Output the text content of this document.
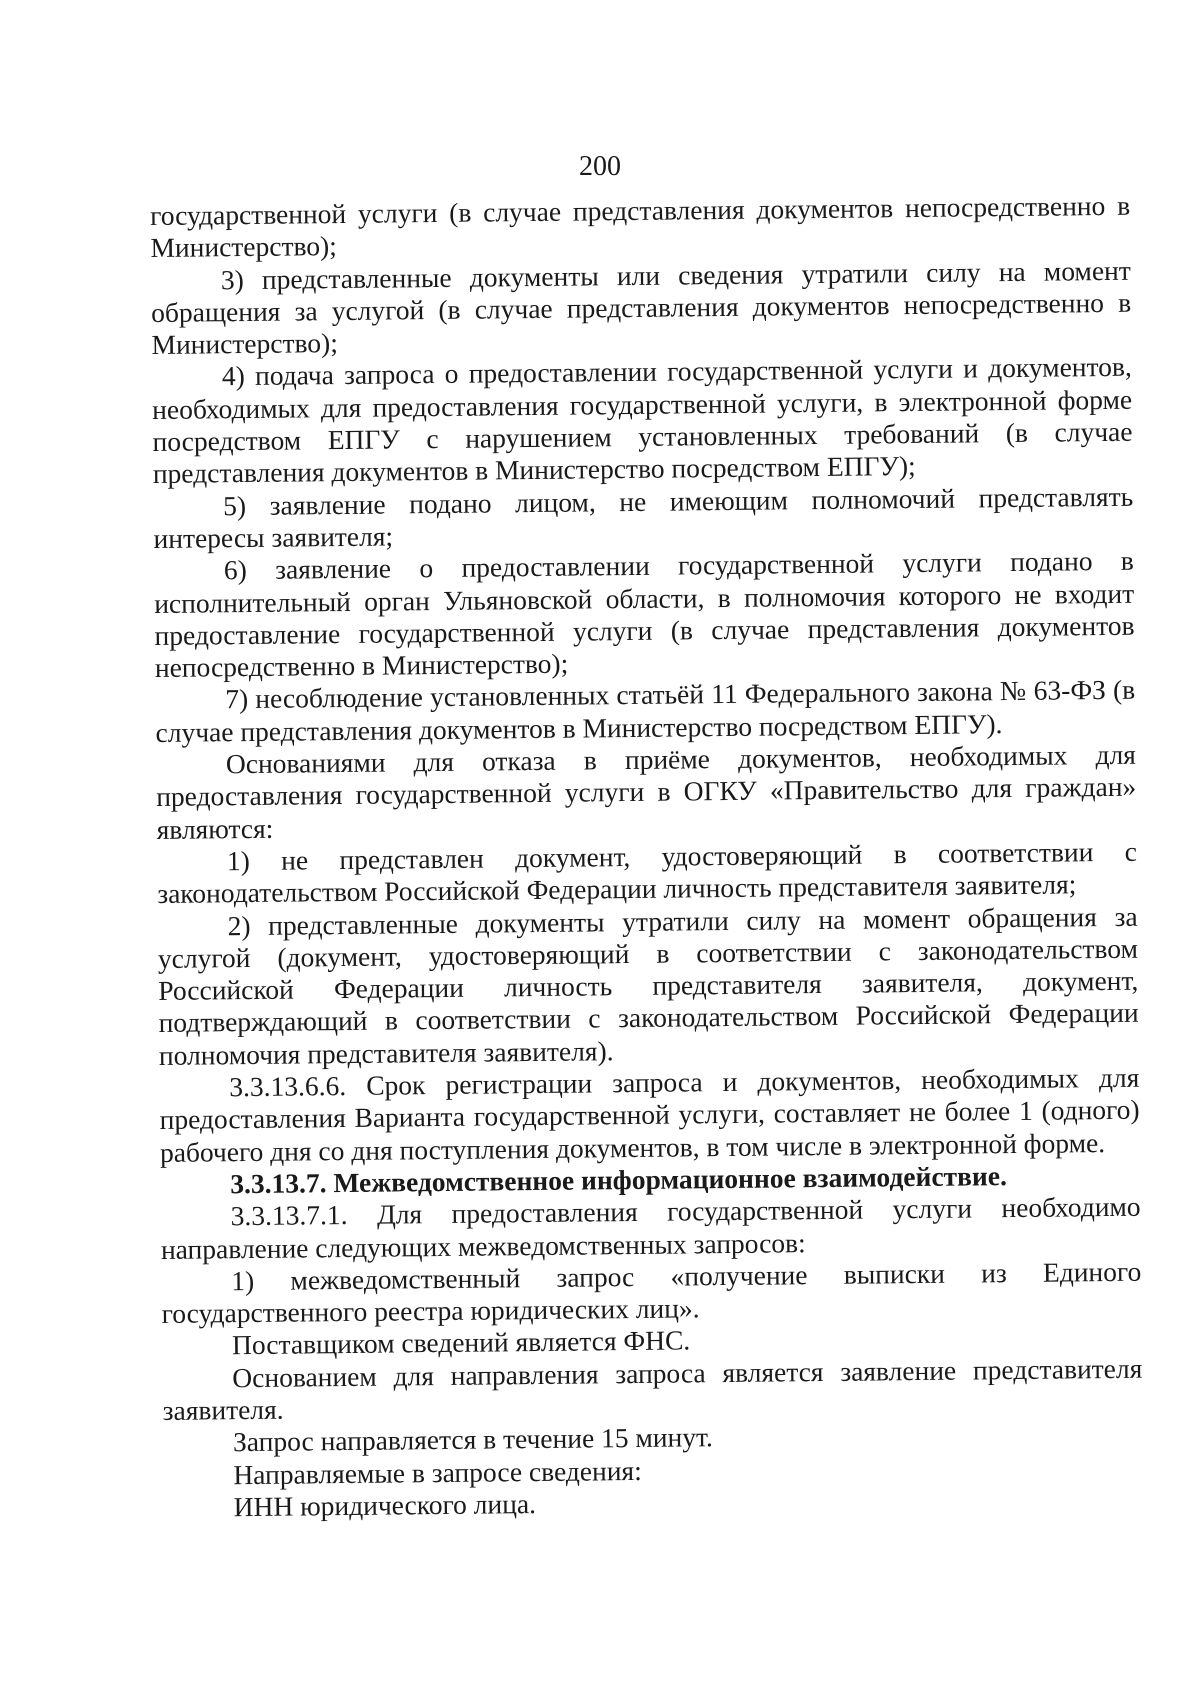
200

государственной услуги (в случае представления документов непосредственно в Министерство);

3) представленные документы или сведения утратили силу на момент обращения за услугой (в случае представления документов непосредственно в Министерство);

4) подача запроса о предоставлении государственной услуги и документов, необходимых для предоставления государственной услуги, в электронной форме посредством ЕПГУ с нарушением установленных требований (в случае представления документов в Министерство посредством ЕПГУ);

5) заявление подано лицом, не имеющим полномочий представлять интересы заявителя;

6) заявление о предоставлении государственной услуги подано в исполнительный орган Ульяновской области, в полномочия которого не входит предоставление государственной услуги (в случае представления документов непосредственно в Министерство);

7) несоблюдение установленных статьёй 11 Федерального закона № 63-ФЗ (в случае представления документов в Министерство посредством ЕПГУ).

Основаниями для отказа в приёме документов, необходимых для предоставления государственной услуги в ОГКУ «Правительство для граждан» являются:

1) не представлен документ, удостоверяющий в соответствии с законодательством Российской Федерации личность представителя заявителя;

2) представленные документы утратили силу на момент обращения за услугой (документ, удостоверяющий в соответствии с законодательством Российской Федерации личность представителя заявителя, документ, подтверждающий в соответствии с законодательством Российской Федерации полномочия представителя заявителя).

3.3.13.6.6. Срок регистрации запроса и документов, необходимых для предоставления Варианта государственной услуги, составляет не более 1 (одного) рабочего дня со дня поступления документов, в том числе в электронной форме.

3.3.13.7. Межведомственное информационное взаимодействие.

3.3.13.7.1. Для предоставления государственной услуги необходимо направление следующих межведомственных запросов:

1) межведомственный запрос «получение выписки из Единого государственного реестра юридических лиц».

Поставщиком сведений является ФНС.

Основанием для направления запроса является заявление представителя заявителя.

Запрос направляется в течение 15 минут.

Направляемые в запросе сведения:

ИНН юридического лица.
